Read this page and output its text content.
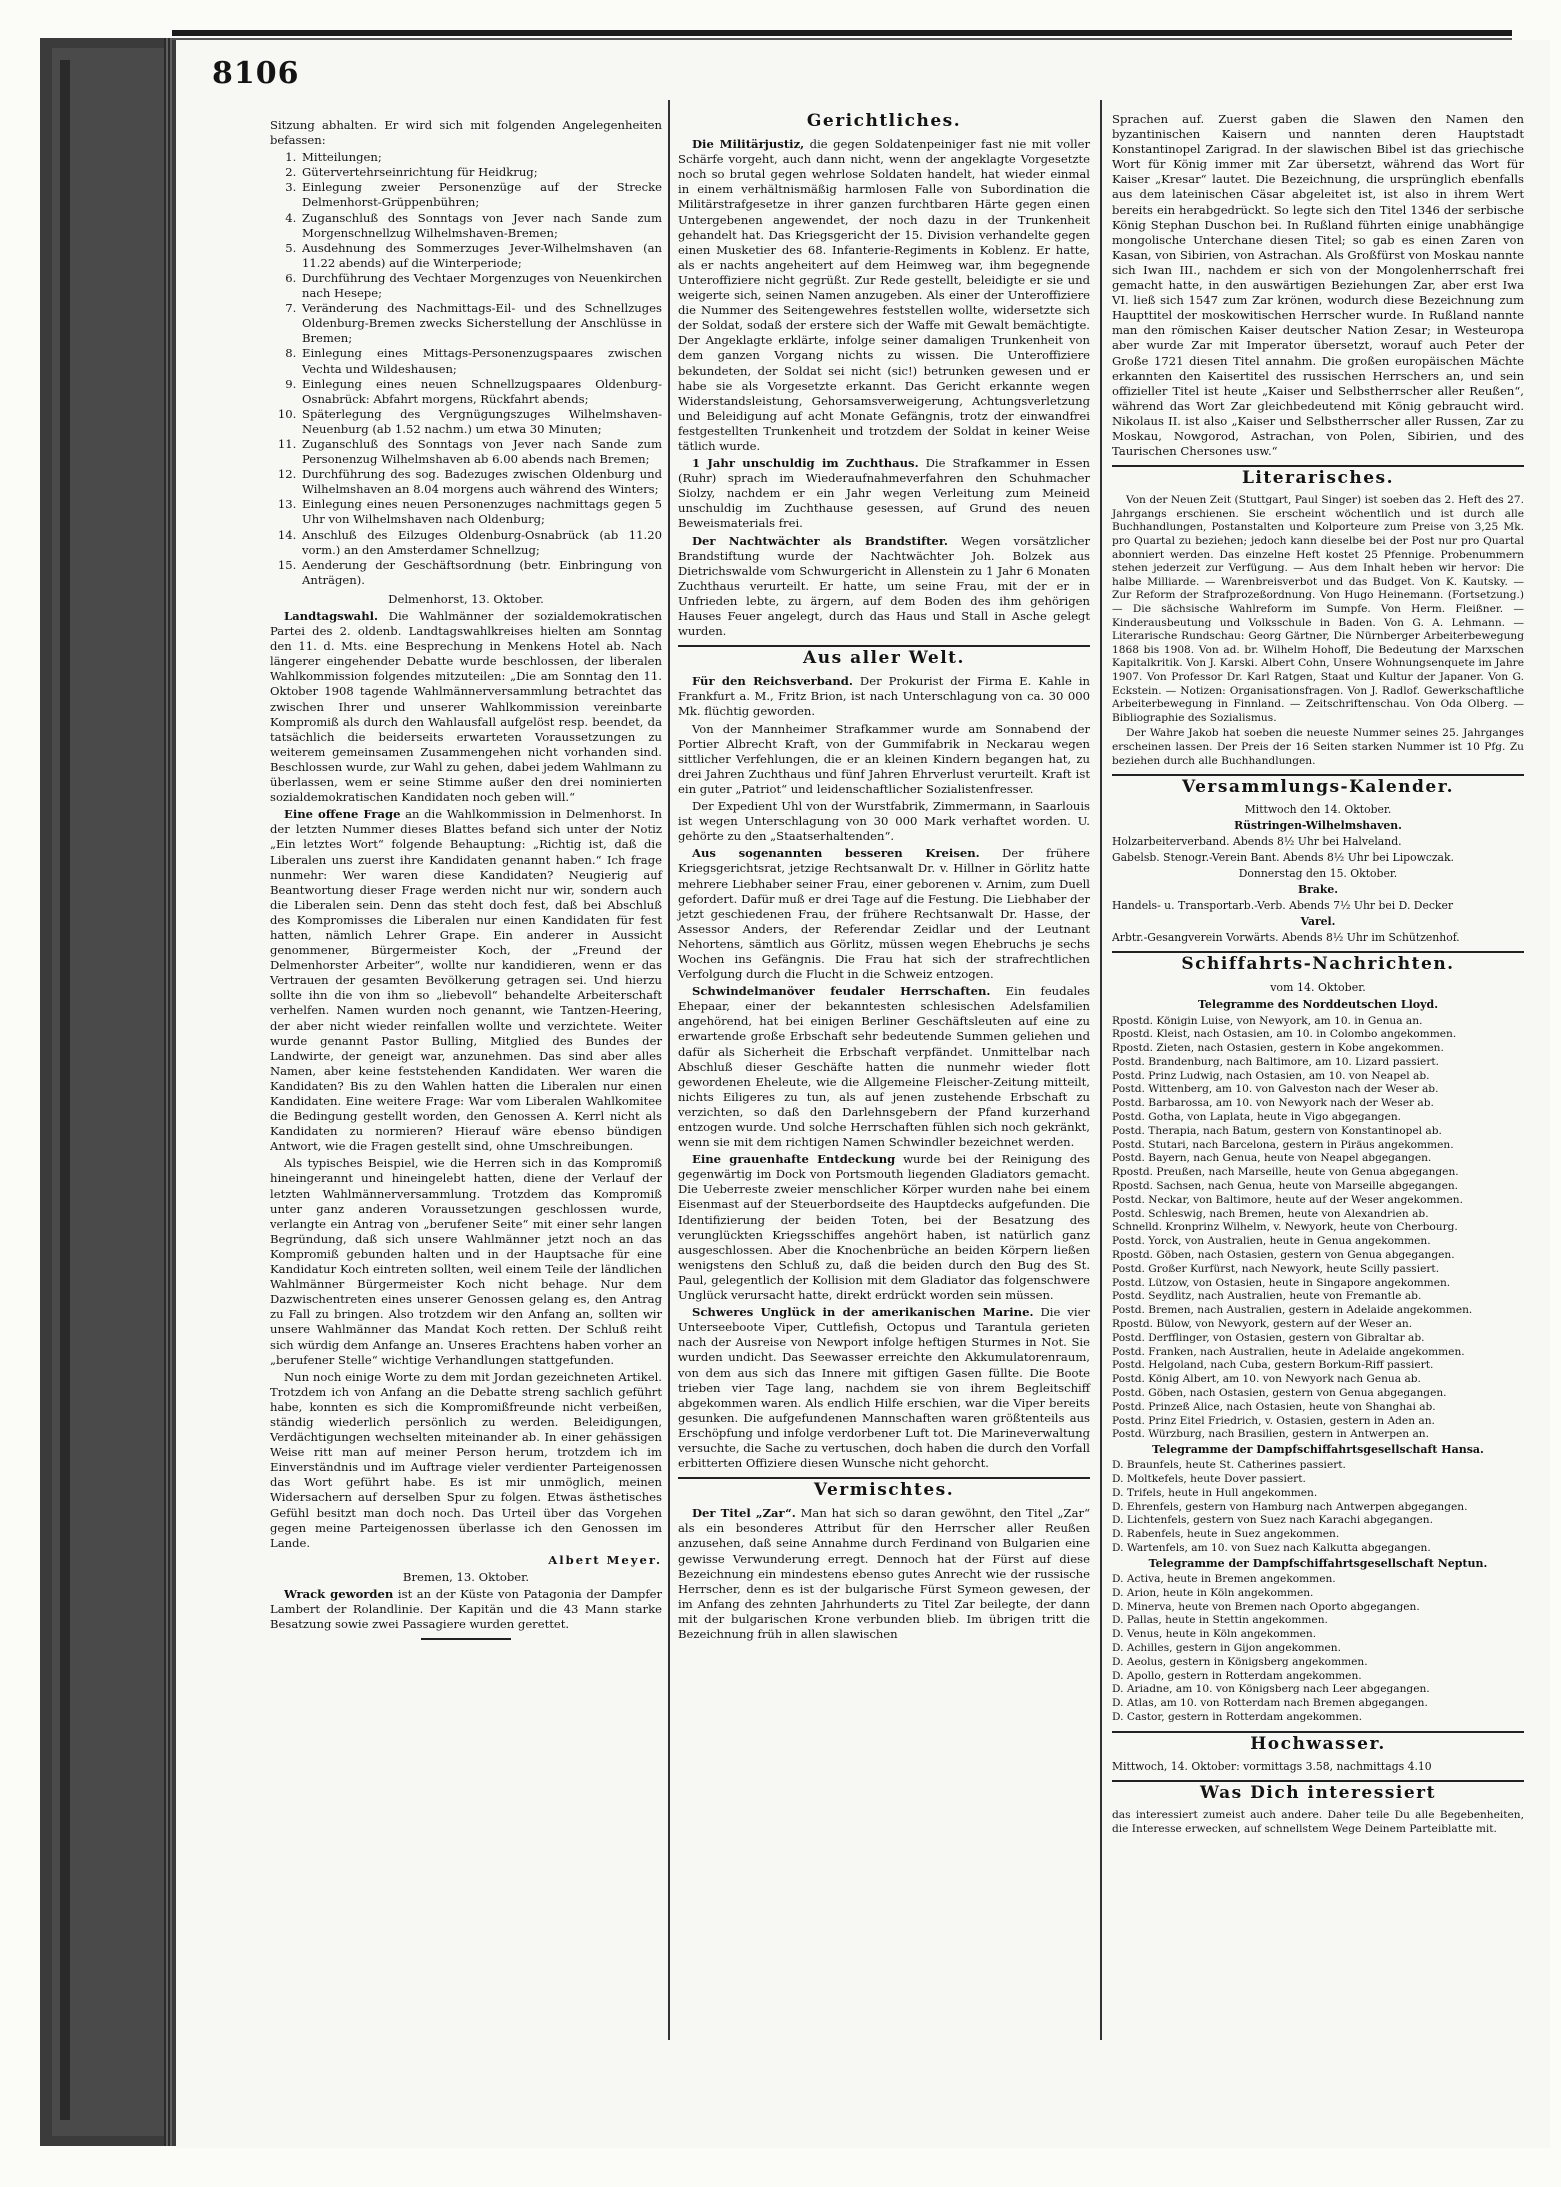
8106

Sitzung abhalten. Er wird sich mit folgenden Angelegenheiten befassen:

1. Mitteilungen;
2. Gütervertehrseinrichtung für Heidkrug;
3. Einlegung zweier Personenzüge auf der Strecke Delmenhorst-Grüppenbühren;
4. Zuganschluß des Sonntags von Jever nach Sande zum Morgenschnellzug Wilhelmshaven-Bremen;
5. Ausdehnung des Sommerzuges Jever-Wilhelmshaven (an 11.22 abends) auf die Winterperiode;
6. Durchführung des Vechtaer Morgenzuges von Neuenkirchen nach Hesepe;
7. Veränderung des Nachmittags-Eil- und des Schnellzuges Oldenburg-Bremen zwecks Sicherstellung der Anschlüsse in Bremen;
8. Einlegung eines Mittags-Personenzugspaares zwischen Vechta und Wildeshausen;
9. Einlegung eines neuen Schnellzugspaares Oldenburg-Osnabrück: Abfahrt morgens, Rückfahrt abends;
10. Späterlegung des Vergnügungszuges Wilhelmshaven-Neuenburg (ab 1.52 nachm.) um etwa 30 Minuten;
11. Zuganschluß des Sonntags von Jever nach Sande zum Personenzug Wilhelmshaven ab 6.00 abends nach Bremen;
12. Durchführung des sog. Badezuges zwischen Oldenburg und Wilhelmshaven an 8.04 morgens auch während des Winters;
13. Einlegung eines neuen Personenzuges nachmittags gegen 5 Uhr von Wilhelmshaven nach Oldenburg;
14. Anschluß des Eilzuges Oldenburg-Osnabrück (ab 11.20 vorm.) an den Amsterdamer Schnellzug;
15. Aenderung der Geschäftsordnung (betr. Einbringung von Anträgen).

Delmenhorst, 13. Oktober.

Landtagswahl. Die Wahlmänner der sozialdemokratischen Partei des 2. oldenb. Landtagswahlkreises hielten am Sonntag den 11. d. Mts. eine Besprechung in Menkens Hotel ab. Nach längerer eingehender Debatte wurde beschlossen, der liberalen Wahlkommission folgendes mitzuteilen: „Die am Sonntag den 11. Oktober 1908 tagende Wahlmännerversammlung betrachtet das zwischen Ihrer und unserer Wahlkommission vereinbarte Kompromiß als durch den Wahlausfall aufgelöst resp. beendet, da tatsächlich die beiderseits erwarteten Voraussetzungen zu weiterem gemeinsamen Zusammengehen nicht vorhanden sind. Beschlossen wurde, zur Wahl zu gehen, dabei jedem Wahlmann zu überlassen, wem er seine Stimme außer den drei nominierten sozialdemokratischen Kandidaten noch geben will.“

Eine offene Frage an die Wahlkommission in Delmenhorst. In der letzten Nummer dieses Blattes befand sich unter der Notiz „Ein letztes Wort“ folgende Behauptung: „Richtig ist, daß die Liberalen uns zuerst ihre Kandidaten genannt haben.“ Ich frage nunmehr: Wer waren diese Kandidaten? Neugierig auf Beantwortung dieser Frage werden nicht nur wir, sondern auch die Liberalen sein. Denn das steht doch fest, daß bei Abschluß des Kompromisses die Liberalen nur einen Kandidaten für fest hatten, nämlich Lehrer Grape. Ein anderer in Aussicht genommener, Bürgermeister Koch, der „Freund der Delmenhorster Arbeiter“, wollte nur kandidieren, wenn er das Vertrauen der gesamten Bevölkerung getragen sei. Und hierzu sollte ihn die von ihm so „liebevoll“ behandelte Arbeiterschaft verhelfen. Namen wurden noch genannt, wie Tantzen-Heering, der aber nicht wieder reinfallen wollte und verzichtete. Weiter wurde genannt Pastor Bulling, Mitglied des Bundes der Landwirte, der geneigt war, anzunehmen. Das sind aber alles Namen, aber keine feststehenden Kandidaten. Wer waren die Kandidaten? Bis zu den Wahlen hatten die Liberalen nur einen Kandidaten. Eine weitere Frage: War vom Liberalen Wahlkomitee die Bedingung gestellt worden, den Genossen A. Kerrl nicht als Kandidaten zu normieren? Hierauf wäre ebenso bündigen Antwort, wie die Fragen gestellt sind, ohne Umschreibungen.

Als typisches Beispiel, wie die Herren sich in das Kompromiß hineingerannt und hineingelebt hatten, diene der Verlauf der letzten Wahlmännerversammlung. Trotzdem das Kompromiß unter ganz anderen Voraussetzungen geschlossen wurde, verlangte ein Antrag von „berufener Seite“ mit einer sehr langen Begründung, daß sich unsere Wahlmänner jetzt noch an das Kompromiß gebunden halten und in der Hauptsache für eine Kandidatur Koch eintreten sollten, weil einem Teile der ländlichen Wahlmänner Bürgermeister Koch nicht behage. Nur dem Dazwischentreten eines unserer Genossen gelang es, den Antrag zu Fall zu bringen. Also trotzdem wir den Anfang an, sollten wir unsere Wahlmänner das Mandat Koch retten. Der Schluß reiht sich würdig dem Anfange an. Unseres Erachtens haben vorher an „berufener Stelle“ wichtige Verhandlungen stattgefunden.

Nun noch einige Worte zu dem mit Jordan gezeichneten Artikel. Trotzdem ich von Anfang an die Debatte streng sachlich geführt habe, konnten es sich die Kompromißfreunde nicht verbeißen, ständig wiederlich persönlich zu werden. Beleidigungen, Verdächtigungen wechselten miteinander ab. In einer gehässigen Weise ritt man auf meiner Person herum, trotzdem ich im Einverständnis und im Auftrage vieler verdienter Parteigenossen das Wort geführt habe. Es ist mir unmöglich, meinen Widersachern auf derselben Spur zu folgen. Etwas ästhetisches Gefühl besitzt man doch noch. Das Urteil über das Vorgehen gegen meine Parteigenossen überlasse ich den Genossen im Lande.

Albert Meyer.

Bremen, 13. Oktober.

Wrack geworden ist an der Küste von Patagonia der Dampfer Lambert der Rolandlinie. Der Kapitän und die 43 Mann starke Besatzung sowie zwei Passagiere wurden gerettet.

Gerichtliches.

Die Militärjustiz, die gegen Soldatenpeiniger fast nie mit voller Schärfe vorgeht, auch dann nicht, wenn der angeklagte Vorgesetzte noch so brutal gegen wehrlose Soldaten handelt, hat wieder einmal in einem verhältnismäßig harmlosen Falle von Subordination die Militärstrafgesetze in ihrer ganzen furchtbaren Härte gegen einen Untergebenen angewendet, der noch dazu in der Trunkenheit gehandelt hat. Das Kriegsgericht der 15. Division verhandelte gegen einen Musketier des 68. Infanterie-Regiments in Koblenz. Er hatte, als er nachts angeheitert auf dem Heimweg war, ihm begegnende Unteroffiziere nicht gegrüßt. Zur Rede gestellt, beleidigte er sie und weigerte sich, seinen Namen anzugeben. Als einer der Unteroffiziere die Nummer des Seitengewehres feststellen wollte, widersetzte sich der Soldat, sodaß der erstere sich der Waffe mit Gewalt bemächtigte. Der Angeklagte erklärte, infolge seiner damaligen Trunkenheit von dem ganzen Vorgang nichts zu wissen. Die Unteroffiziere bekundeten, der Soldat sei nicht (sic!) betrunken gewesen und er habe sie als Vorgesetzte erkannt. Das Gericht erkannte wegen Widerstandsleistung, Gehorsamsverweigerung, Achtungsverletzung und Beleidigung auf acht Monate Gefängnis, trotz der einwandfrei festgestellten Trunkenheit und trotzdem der Soldat in keiner Weise tätlich wurde.

1 Jahr unschuldig im Zuchthaus. Die Strafkammer in Essen (Ruhr) sprach im Wiederaufnahmeverfahren den Schuhmacher Siolzy, nachdem er ein Jahr wegen Verleitung zum Meineid unschuldig im Zuchthause gesessen, auf Grund des neuen Beweismaterials frei.

Der Nachtwächter als Brandstifter. Wegen vorsätzlicher Brandstiftung wurde der Nachtwächter Joh. Bolzek aus Dietrichswalde vom Schwurgericht in Allenstein zu 1 Jahr 6 Monaten Zuchthaus verurteilt. Er hatte, um seine Frau, mit der er in Unfrieden lebte, zu ärgern, auf dem Boden des ihm gehörigen Hauses Feuer angelegt, durch das Haus und Stall in Asche gelegt wurden.

Aus aller Welt.

Für den Reichsverband. Der Prokurist der Firma E. Kahle in Frankfurt a. M., Fritz Brion, ist nach Unterschlagung von ca. 30 000 Mk. flüchtig geworden.

Von der Mannheimer Strafkammer wurde am Sonnabend der Portier Albrecht Kraft, von der Gummifabrik in Neckarau wegen sittlicher Verfehlungen, die er an kleinen Kindern begangen hat, zu drei Jahren Zuchthaus und fünf Jahren Ehrverlust verurteilt. Kraft ist ein guter „Patriot“ und leidenschaftlicher Sozialistenfresser.

Der Expedient Uhl von der Wurstfabrik, Zimmermann, in Saarlouis ist wegen Unterschlagung von 30 000 Mark verhaftet worden. U. gehörte zu den „Staatserhaltenden“.

Aus sogenannten besseren Kreisen. Der frühere Kriegsgerichtsrat, jetzige Rechtsanwalt Dr. v. Hillner in Görlitz hatte mehrere Liebhaber seiner Frau, einer geborenen v. Arnim, zum Duell gefordert. Dafür muß er drei Tage auf die Festung. Die Liebhaber der jetzt geschiedenen Frau, der frühere Rechtsanwalt Dr. Hasse, der Assessor Anders, der Referendar Zeidlar und der Leutnant Nehortens, sämtlich aus Görlitz, müssen wegen Ehebruchs je sechs Wochen ins Gefängnis. Die Frau hat sich der strafrechtlichen Verfolgung durch die Flucht in die Schweiz entzogen.

Schwindelmanöver feudaler Herrschaften. Ein feudales Ehepaar, einer der bekanntesten schlesischen Adelsfamilien angehörend, hat bei einigen Berliner Geschäftsleuten auf eine zu erwartende große Erbschaft sehr bedeutende Summen geliehen und dafür als Sicherheit die Erbschaft verpfändet. Unmittelbar nach Abschluß dieser Geschäfte hatten die nunmehr wieder flott gewordenen Eheleute, wie die Allgemeine Fleischer-Zeitung mitteilt, nichts Eiligeres zu tun, als auf jenen zustehende Erbschaft zu verzichten, so daß den Darlehnsgebern der Pfand kurzerhand entzogen wurde. Und solche Herrschaften fühlen sich noch gekränkt, wenn sie mit dem richtigen Namen Schwindler bezeichnet werden.

Eine grauenhafte Entdeckung wurde bei der Reinigung des gegenwärtig im Dock von Portsmouth liegenden Gladiators gemacht. Die Ueberreste zweier menschlicher Körper wurden nahe bei einem Eisenmast auf der Steuerbordseite des Hauptdecks aufgefunden. Die Identifizierung der beiden Toten, bei der Besatzung des verunglückten Kriegsschiffes angehört haben, ist natürlich ganz ausgeschlossen. Aber die Knochenbrüche an beiden Körpern ließen wenigstens den Schluß zu, daß die beiden durch den Bug des St. Paul, gelegentlich der Kollision mit dem Gladiator das folgenschwere Unglück verursacht hatte, direkt erdrückt worden sein müssen.

Schweres Unglück in der amerikanischen Marine. Die vier Unterseeboote Viper, Cuttlefish, Octopus und Tarantula gerieten nach der Ausreise von Newport infolge heftigen Sturmes in Not. Sie wurden undicht. Das Seewasser erreichte den Akkumulatorenraum, von dem aus sich das Innere mit giftigen Gasen füllte. Die Boote trieben vier Tage lang, nachdem sie von ihrem Begleitschiff abgekommen waren. Als endlich Hilfe erschien, war die Viper bereits gesunken. Die aufgefundenen Mannschaften waren größtenteils aus Erschöpfung und infolge verdorbener Luft tot. Die Marineverwaltung versuchte, die Sache zu vertuschen, doch haben die durch den Vorfall erbitterten Offiziere diesen Wunsche nicht gehorcht.

Vermischtes.

Der Titel „Zar“. Man hat sich so daran gewöhnt, den Titel „Zar“ als ein besonderes Attribut für den Herrscher aller Reußen anzusehen, daß seine Annahme durch Ferdinand von Bulgarien eine gewisse Verwunderung erregt. Dennoch hat der Fürst auf diese Bezeichnung ein mindestens ebenso gutes Anrecht wie der russische Herrscher, denn es ist der bulgarische Fürst Symeon gewesen, der im Anfang des zehnten Jahrhunderts zu Titel Zar beilegte, der dann mit der bulgarischen Krone verbunden blieb. Im übrigen tritt die Bezeichnung früh in allen slawischen

Sprachen auf. Zuerst gaben die Slawen den Namen den byzantinischen Kaisern und nannten deren Hauptstadt Konstantinopel Zarigrad. In der slawischen Bibel ist das griechische Wort für König immer mit Zar übersetzt, während das Wort für Kaiser „Kresar“ lautet. Die Bezeichnung, die ursprünglich ebenfalls aus dem lateinischen Cäsar abgeleitet ist, ist also in ihrem Wert bereits ein herabgedrückt. So legte sich den Titel 1346 der serbische König Stephan Duschon bei. In Rußland führten einige unabhängige mongolische Unterchane diesen Titel; so gab es einen Zaren von Kasan, von Sibirien, von Astrachan. Als Großfürst von Moskau nannte sich Iwan III., nachdem er sich von der Mongolenherrschaft frei gemacht hatte, in den auswärtigen Beziehungen Zar, aber erst Iwa VI. ließ sich 1547 zum Zar krönen, wodurch diese Bezeichnung zum Haupttitel der moskowitischen Herrscher wurde. In Rußland nannte man den römischen Kaiser deutscher Nation Zesar; in Westeuropa aber wurde Zar mit Imperator übersetzt, worauf auch Peter der Große 1721 diesen Titel annahm. Die großen europäischen Mächte erkannten den Kaisertitel des russischen Herrschers an, und sein offizieller Titel ist heute „Kaiser und Selbstherrscher aller Reußen“, während das Wort Zar gleichbedeutend mit König gebraucht wird. Nikolaus II. ist also „Kaiser und Selbstherrscher aller Russen, Zar zu Moskau, Nowgorod, Astrachan, von Polen, Sibirien, und des Taurischen Chersones usw.“

Literarisches.

Von der Neuen Zeit (Stuttgart, Paul Singer) ist soeben das 2. Heft des 27. Jahrgangs erschienen. Sie erscheint wöchentlich und ist durch alle Buchhandlungen, Postanstalten und Kolporteure zum Preise von 3,25 Mk. pro Quartal zu beziehen; jedoch kann dieselbe bei der Post nur pro Quartal abonniert werden. Das einzelne Heft kostet 25 Pfennige. Probenummern stehen jederzeit zur Verfügung. — Aus dem Inhalt heben wir hervor: Die halbe Milliarde. — Warenbreisverbot und das Budget. Von K. Kautsky. — Zur Reform der Strafprozeßordnung. Von Hugo Heinemann. (Fortsetzung.) — Die sächsische Wahlreform im Sumpfe. Von Herm. Fleißner. — Kinderausbeutung und Volksschule in Baden. Von G. A. Lehmann. — Literarische Rundschau: Georg Gärtner, Die Nürnberger Arbeiterbewegung 1868 bis 1908. Von ad. br. Wilhelm Hohoff, Die Bedeutung der Marxschen Kapitalkritik. Von J. Karski. Albert Cohn, Unsere Wohnungsenquete im Jahre 1907. Von Professor Dr. Karl Ratgen, Staat und Kultur der Japaner. Von G. Eckstein. — Notizen: Organisationsfragen. Von J. Radlof. Gewerkschaftliche Arbeiterbewegung in Finnland. — Zeitschriftenschau. Von Oda Olberg. — Bibliographie des Sozialismus.

Der Wahre Jakob hat soeben die neueste Nummer seines 25. Jahrganges erscheinen lassen. Der Preis der 16 Seiten starken Nummer ist 10 Pfg. Zu beziehen durch alle Buchhandlungen.

Versammlungs-Kalender.

Mittwoch den 14. Oktober.

Rüstringen-Wilhelmshaven.

Holzarbeiterverband. Abends 8½ Uhr bei Halveland.

Gabelsb. Stenogr.-Verein Bant. Abends 8½ Uhr bei Lipowczak.

Donnerstag den 15. Oktober.

Brake.

Handels- u. Transportarb.-Verb. Abends 7½ Uhr bei D. Decker

Varel.

Arbtr.-Gesangverein Vorwärts. Abends 8½ Uhr im Schützenhof.

Schiffahrts-Nachrichten.

vom 14. Oktober.

Telegramme des Norddeutschen Lloyd.

Rpostd. Königin Luise, von Newyork, am 10. in Genua an.
Rpostd. Kleist, nach Ostasien, am 10. in Colombo angekommen.
Rpostd. Zieten, nach Ostasien, gestern in Kobe angekommen.
Postd. Brandenburg, nach Baltimore, am 10. Lizard passiert.
Postd. Prinz Ludwig, nach Ostasien, am 10. von Neapel ab.
Postd. Wittenberg, am 10. von Galveston nach der Weser ab.
Postd. Barbarossa, am 10. von Newyork nach der Weser ab.
Postd. Gotha, von Laplata, heute in Vigo abgegangen.
Postd. Therapia, nach Batum, gestern von Konstantinopel ab.
Postd. Stutari, nach Barcelona, gestern in Piräus angekommen.
Postd. Bayern, nach Genua, heute von Neapel abgegangen.
Rpostd. Preußen, nach Marseille, heute von Genua abgegangen.
Rpostd. Sachsen, nach Genua, heute von Marseille abgegangen.
Postd. Neckar, von Baltimore, heute auf der Weser angekommen.
Postd. Schleswig, nach Bremen, heute von Alexandrien ab.
Schnelld. Kronprinz Wilhelm, v. Newyork, heute von Cherbourg.
Postd. Yorck, von Australien, heute in Genua angekommen.
Rpostd. Göben, nach Ostasien, gestern von Genua abgegangen.
Postd. Großer Kurfürst, nach Newyork, heute Scilly passiert.
Postd. Lützow, von Ostasien, heute in Singapore angekommen.
Postd. Seydlitz, nach Australien, heute von Fremantle ab.
Postd. Bremen, nach Australien, gestern in Adelaide angekommen.
Rpostd. Bülow, von Newyork, gestern auf der Weser an.
Postd. Derfflinger, von Ostasien, gestern von Gibraltar ab.
Postd. Franken, nach Australien, heute in Adelaide angekommen.
Postd. Helgoland, nach Cuba, gestern Borkum-Riff passiert.
Postd. König Albert, am 10. von Newyork nach Genua ab.
Postd. Göben, nach Ostasien, gestern von Genua abgegangen.
Postd. Prinzeß Alice, nach Ostasien, heute von Shanghai ab.
Postd. Prinz Eitel Friedrich, v. Ostasien, gestern in Aden an.
Postd. Würzburg, nach Brasilien, gestern in Antwerpen an.

Telegramme der Dampfschiffahrtsgesellschaft Hansa.

D. Braunfels, heute St. Catherines passiert.
D. Moltkefels, heute Dover passiert.
D. Trifels, heute in Hull angekommen.
D. Ehrenfels, gestern von Hamburg nach Antwerpen abgegangen.
D. Lichtenfels, gestern von Suez nach Karachi abgegangen.
D. Rabenfels, heute in Suez angekommen.
D. Wartenfels, am 10. von Suez nach Kalkutta abgegangen.

Telegramme der Dampfschiffahrtsgesellschaft Neptun.

D. Activa, heute in Bremen angekommen.
D. Arion, heute in Köln angekommen.
D. Minerva, heute von Bremen nach Oporto abgegangen.
D. Pallas, heute in Stettin angekommen.
D. Venus, heute in Köln angekommen.
D. Achilles, gestern in Gijon angekommen.
D. Aeolus, gestern in Königsberg angekommen.
D. Apollo, gestern in Rotterdam angekommen.
D. Ariadne, am 10. von Königsberg nach Leer abgegangen.
D. Atlas, am 10. von Rotterdam nach Bremen abgegangen.
D. Castor, gestern in Rotterdam angekommen.
Hochwasser.

Mittwoch, 14. Oktober: vormittags 3.58, nachmittags 4.10

Was Dich interessiert

das interessiert zumeist auch andere. Daher teile Du alle Begebenheiten, die Interesse erwecken, auf schnellstem Wege Deinem Parteiblatte mit.
